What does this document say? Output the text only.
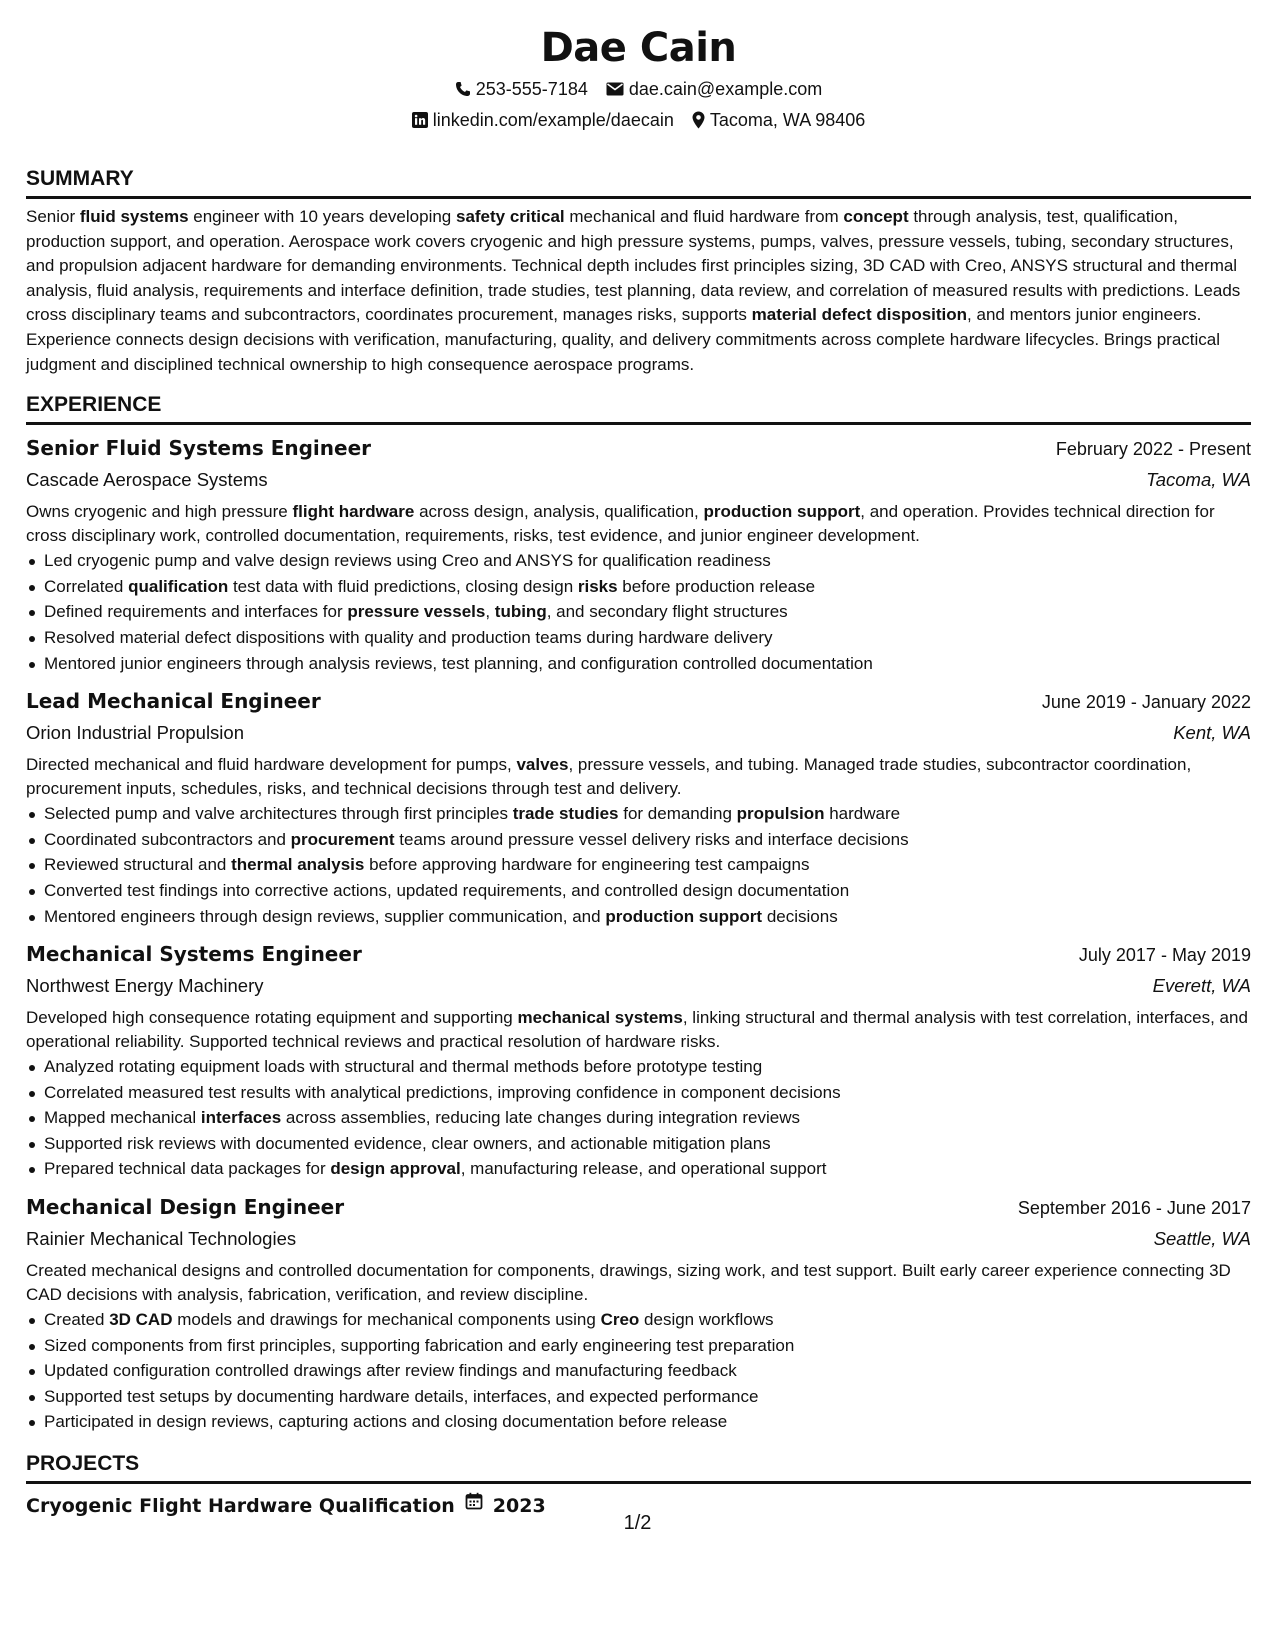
Dae Cain
253-555-7184 dae.cain@example.com
linkedin.com/example/daecain Tacoma, WA 98406
SUMMARY
Senior fluid systems engineer with 10 years developing safety critical mechanical and fluid hardware from concept through analysis, test, qualification, production support, and operation. Aerospace work covers cryogenic and high pressure systems, pumps, valves, pressure vessels, tubing, secondary structures, and propulsion adjacent hardware for demanding environments. Technical depth includes first principles sizing, 3D CAD with Creo, ANSYS structural and thermal analysis, fluid analysis, requirements and interface definition, trade studies, test planning, data review, and correlation of measured results with predictions. Leads cross disciplinary teams and subcontractors, coordinates procurement, manages risks, supports material defect disposition, and mentors junior engineers. Experience connects design decisions with verification, manufacturing, quality, and delivery commitments across complete hardware lifecycles. Brings practical judgment and disciplined technical ownership to high consequence aerospace programs.
EXPERIENCE
Senior Fluid Systems Engineer	February 2022 - Present
Cascade Aerospace Systems	Tacoma, WA
Owns cryogenic and high pressure flight hardware across design, analysis, qualification, production support, and operation. Provides technical direction for cross disciplinary work, controlled documentation, requirements, risks, test evidence, and junior engineer development.
Led cryogenic pump and valve design reviews using Creo and ANSYS for qualification readiness
Correlated qualification test data with fluid predictions, closing design risks before production release
Defined requirements and interfaces for pressure vessels, tubing, and secondary flight structures
Resolved material defect dispositions with quality and production teams during hardware delivery
Mentored junior engineers through analysis reviews, test planning, and configuration controlled documentation
Lead Mechanical Engineer	June 2019 - January 2022
Orion Industrial Propulsion	Kent, WA
Directed mechanical and fluid hardware development for pumps, valves, pressure vessels, and tubing. Managed trade studies, subcontractor coordination, procurement inputs, schedules, risks, and technical decisions through test and delivery.
Selected pump and valve architectures through first principles trade studies for demanding propulsion hardware
Coordinated subcontractors and procurement teams around pressure vessel delivery risks and interface decisions
Reviewed structural and thermal analysis before approving hardware for engineering test campaigns
Converted test findings into corrective actions, updated requirements, and controlled design documentation
Mentored engineers through design reviews, supplier communication, and production support decisions
Mechanical Systems Engineer	July 2017 - May 2019
Northwest Energy Machinery	Everett, WA
Developed high consequence rotating equipment and supporting mechanical systems, linking structural and thermal analysis with test correlation, interfaces, and operational reliability. Supported technical reviews and practical resolution of hardware risks.
Analyzed rotating equipment loads with structural and thermal methods before prototype testing
Correlated measured test results with analytical predictions, improving confidence in component decisions
Mapped mechanical interfaces across assemblies, reducing late changes during integration reviews
Supported risk reviews with documented evidence, clear owners, and actionable mitigation plans
Prepared technical data packages for design approval, manufacturing release, and operational support
Mechanical Design Engineer	September 2016 - June 2017
Rainier Mechanical Technologies	Seattle, WA
Created mechanical designs and controlled documentation for components, drawings, sizing work, and test support. Built early career experience connecting 3D CAD decisions with analysis, fabrication, verification, and review discipline.
Created 3D CAD models and drawings for mechanical components using Creo design workflows
Sized components from first principles, supporting fabrication and early engineering test preparation
Updated configuration controlled drawings after review findings and manufacturing feedback
Supported test setups by documenting hardware details, interfaces, and expected performance
Participated in design reviews, capturing actions and closing documentation before release
PROJECTS
Cryogenic Flight Hardware Qualification 2023
1/2
